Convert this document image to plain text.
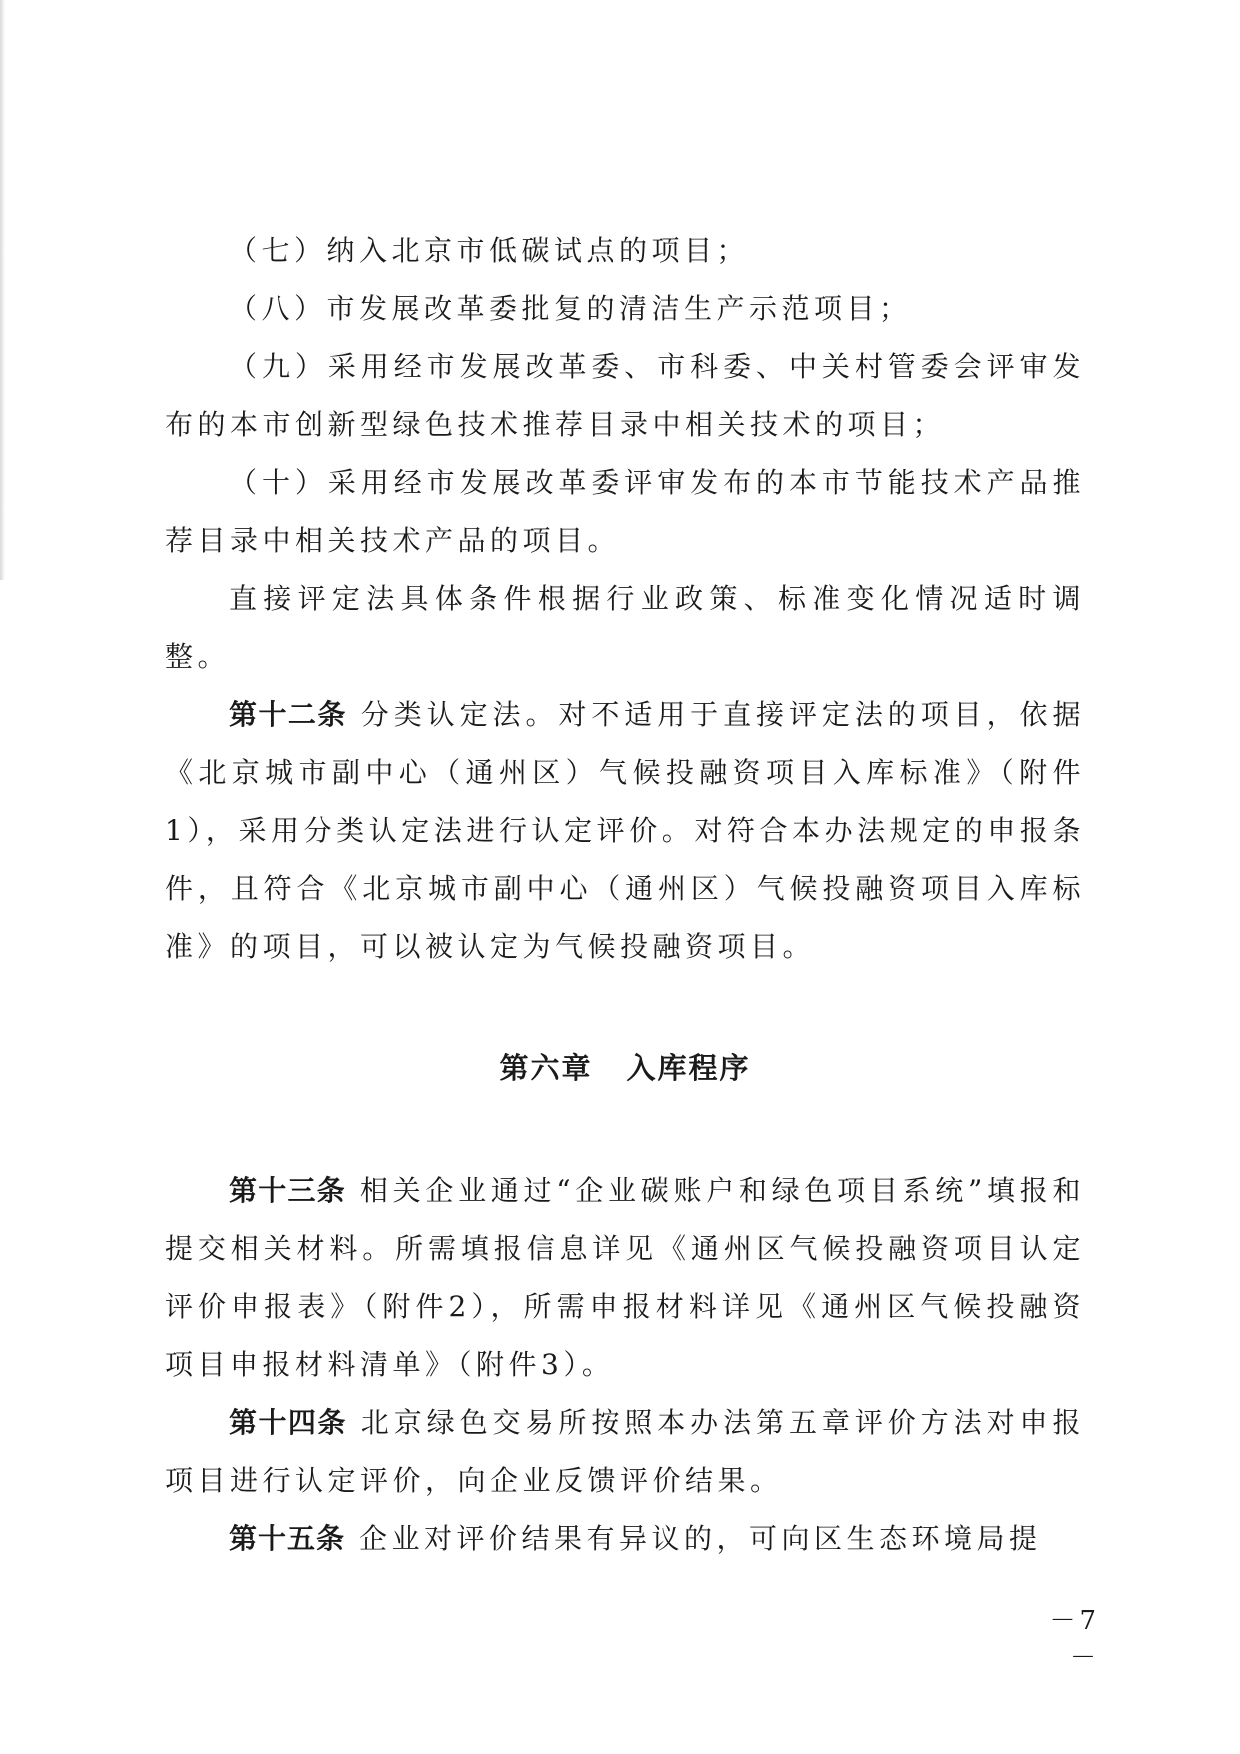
（七）纳入北京市低碳试点的项目；

（八）市发展改革委批复的清洁生产示范项目；

（九）采用经市发展改革委、市科委、中关村管委会评审发布的本市创新型绿色技术推荐目录中相关技术的项目；

（十）采用经市发展改革委评审发布的本市节能技术产品推荐目录中相关技术产品的项目。

直接评定法具体条件根据行业政策、标准变化情况适时调整。

第十二条 分类认定法。对不适用于直接评定法的项目，依据《北京城市副中心（通州区）气候投融资项目入库标准》（附件1），采用分类认定法进行认定评价。对符合本办法规定的申报条件，且符合《北京城市副中心（通州区）气候投融资项目入库标准》的项目，可以被认定为气候投融资项目。

第六章 入库程序

第十三条 相关企业通过“企业碳账户和绿色项目系统”填报和提交相关材料。所需填报信息详见《通州区气候投融资项目认定评价申报表》（附件2），所需申报材料详见《通州区气候投融资项目申报材料清单》（附件3）。

第十四条 北京绿色交易所按照本办法第五章评价方法对申报项目进行认定评价，向企业反馈评价结果。

第十五条 企业对评价结果有异议的，可向区生态环境局提

－7－
